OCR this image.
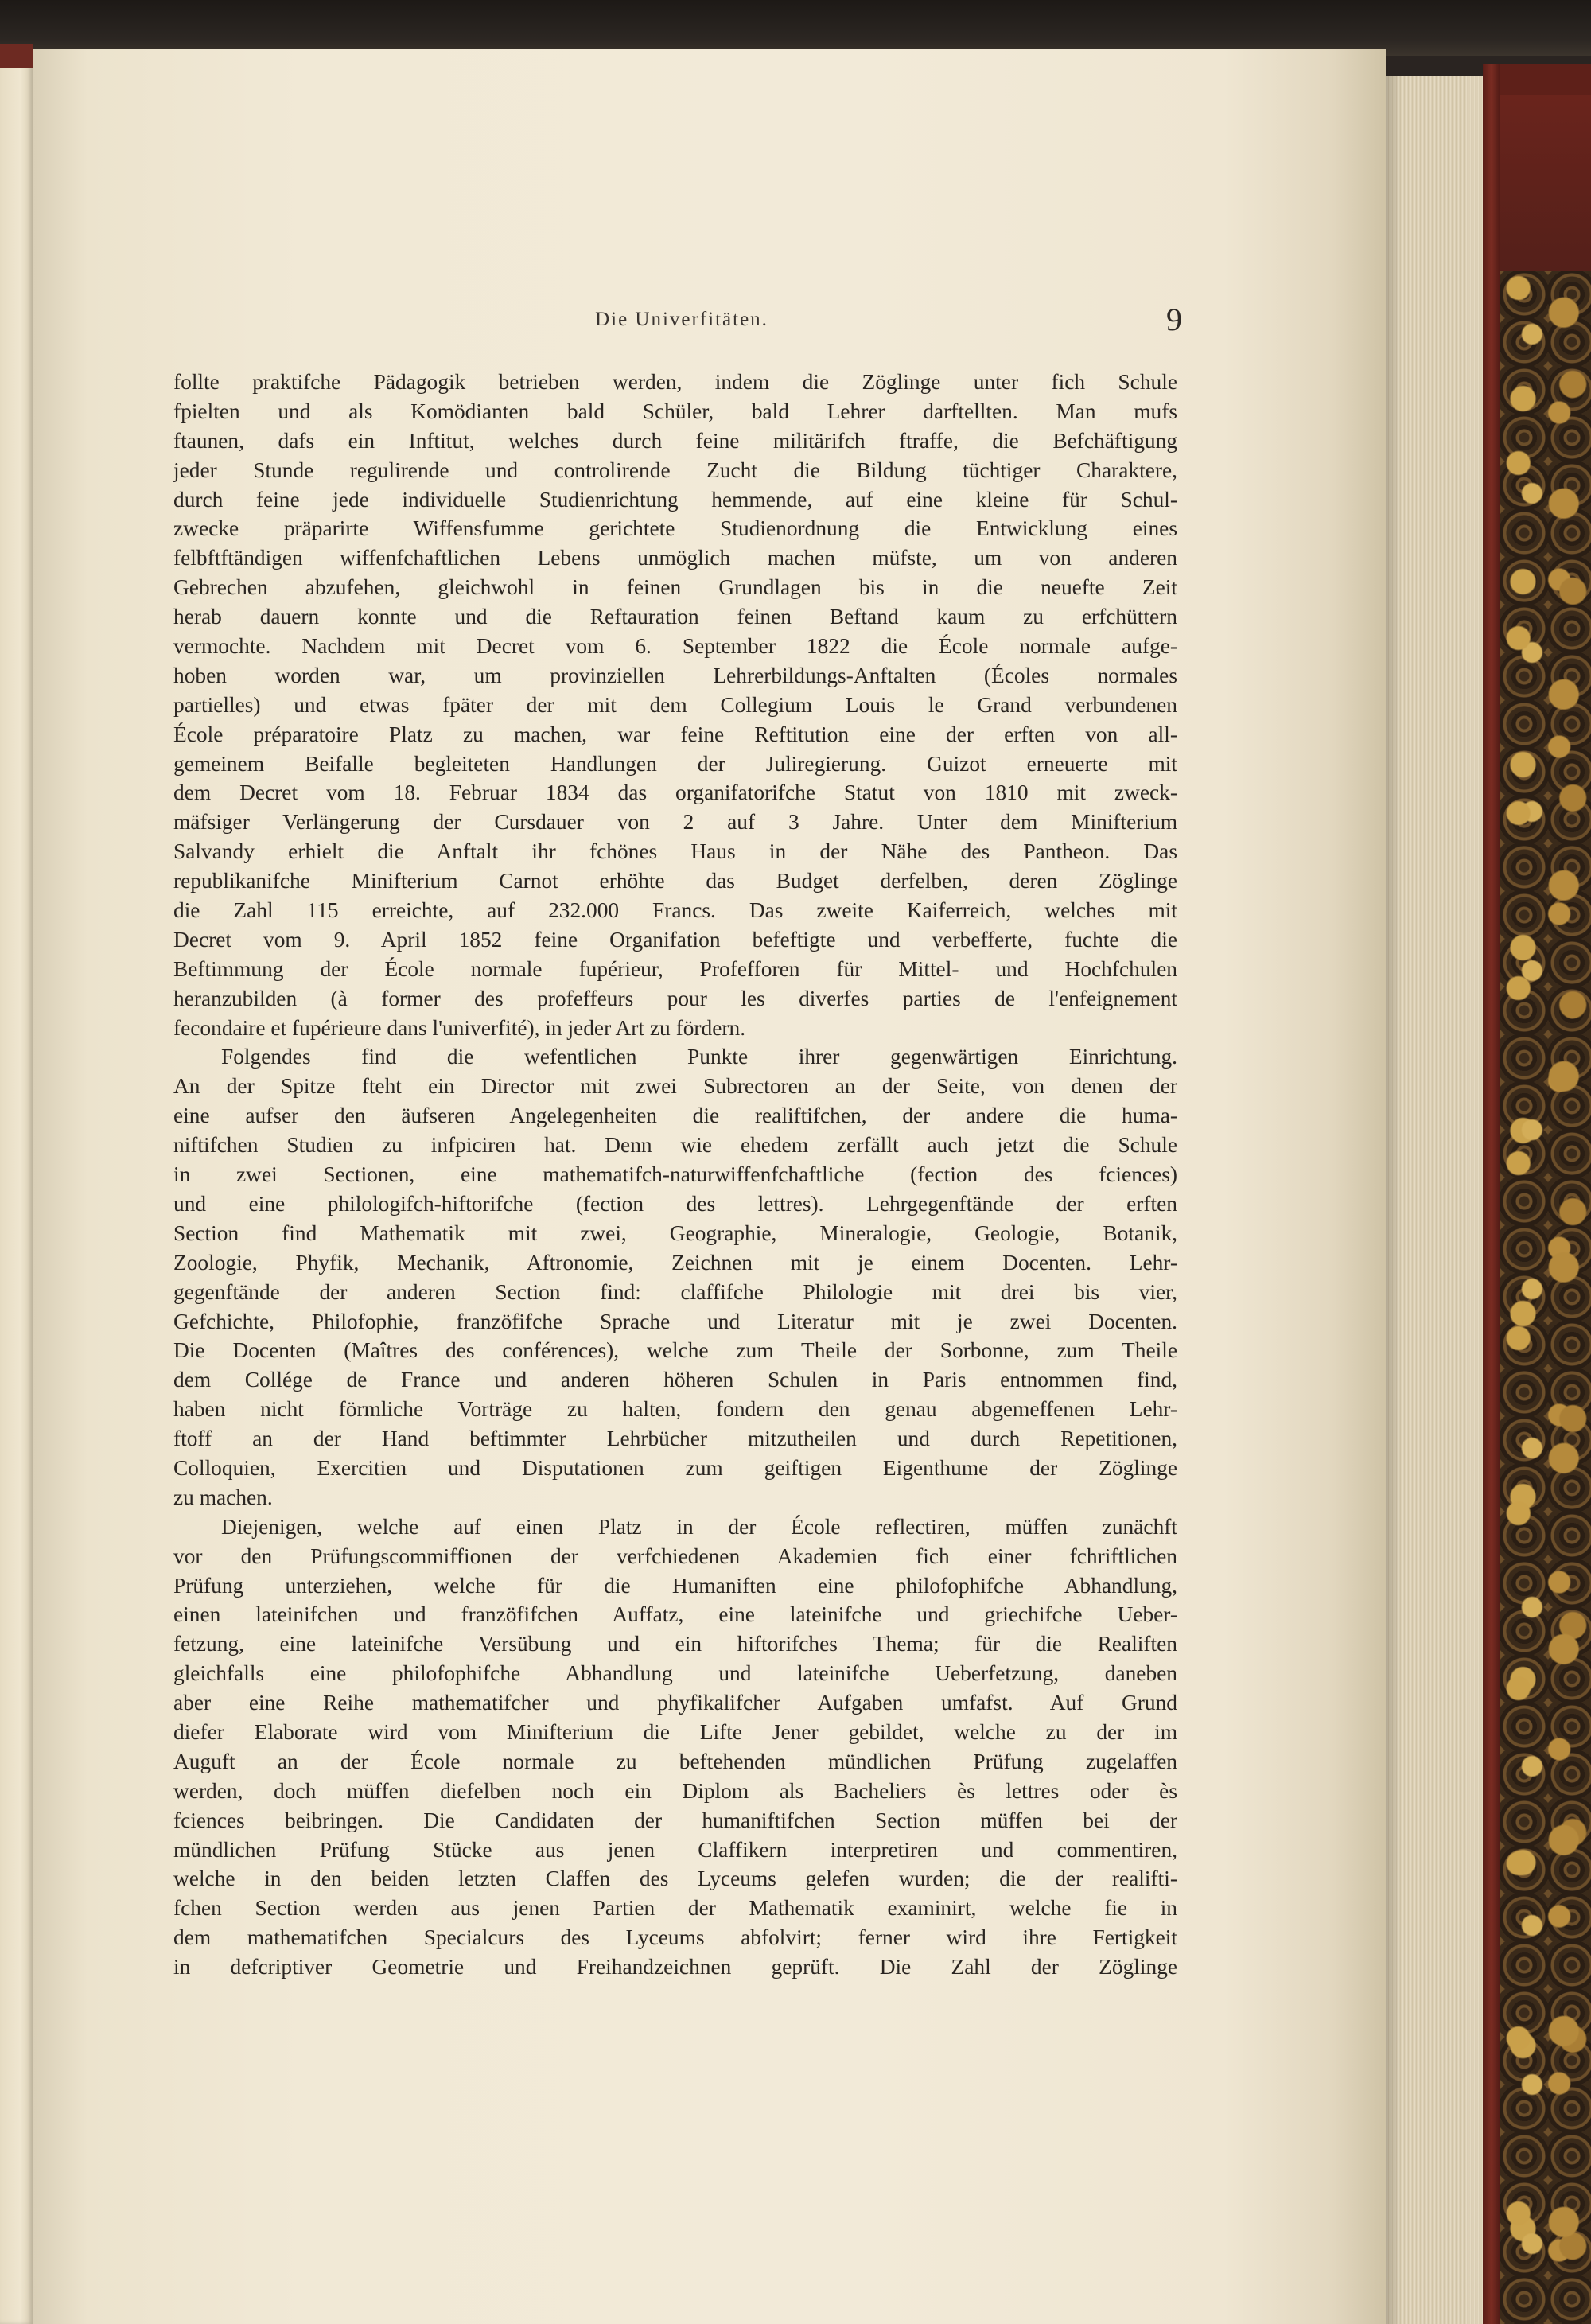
Die Univerfitäten.	9
follte praktifche Pädagogik betrieben werden, indem die Zöglinge unter fich Schule
fpielten und als Komödianten bald Schüler, bald Lehrer darftellten. Man mufs
ftaunen, dafs ein Inftitut, welches durch feine militärifch ftraffe, die Befchäftigung
jeder Stunde regulirende und controlirende Zucht die Bildung tüchtiger Charaktere,
durch feine jede individuelle Studienrichtung hemmende, auf eine kleine für Schul-
zwecke präparirte Wiffensfumme gerichtete Studienordnung die Entwicklung eines
felbftftändigen wiffenfchaftlichen Lebens unmöglich machen müfste, um von anderen
Gebrechen abzufehen, gleichwohl in feinen Grundlagen bis in die neuefte Zeit
herab dauern konnte und die Reftauration feinen Beftand kaum zu erfchüttern
vermochte. Nachdem mit Decret vom 6. September 1822 die École normale aufge-
hoben worden war, um provinziellen Lehrerbildungs-Anftalten (Écoles normales
partielles) und etwas fpäter der mit dem Collegium Louis le Grand verbundenen
École préparatoire Platz zu machen, war feine Reftitution eine der erften von all-
gemeinem Beifalle begleiteten Handlungen der Juliregierung. Guizot erneuerte mit
dem Decret vom 18. Februar 1834 das organifatorifche Statut von 1810 mit zweck-
mäfsiger Verlängerung der Cursdauer von 2 auf 3 Jahre. Unter dem Minifterium
Salvandy erhielt die Anftalt ihr fchönes Haus in der Nähe des Pantheon. Das
republikanifche Minifterium Carnot erhöhte das Budget derfelben, deren Zöglinge
die Zahl 115 erreichte, auf 232.000 Francs. Das zweite Kaiferreich, welches mit
Decret vom 9. April 1852 feine Organifation befeftigte und verbefferte, fuchte die
Beftimmung der École normale fupérieur, Profefforen für Mittel- und Hochfchulen
heranzubilden (à former des profeffeurs pour les diverfes parties de l'enfeignement
fecondaire et fupérieure dans l'univerfité), in jeder Art zu fördern.
Folgendes find die wefentlichen Punkte ihrer gegenwärtigen Einrichtung.
An der Spitze fteht ein Director mit zwei Subrectoren an der Seite, von denen der
eine aufser den äufseren Angelegenheiten die realiftifchen, der andere die huma-
niftifchen Studien zu infpiciren hat. Denn wie ehedem zerfällt auch jetzt die Schule
in zwei Sectionen, eine mathematifch-naturwiffenfchaftliche (fection des fciences)
und eine philologifch-hiftorifche (fection des lettres). Lehrgegenftände der erften
Section find Mathematik mit zwei, Geographie, Mineralogie, Geologie, Botanik,
Zoologie, Phyfik, Mechanik, Aftronomie, Zeichnen mit je einem Docenten. Lehr-
gegenftände der anderen Section find: claffifche Philologie mit drei bis vier,
Gefchichte, Philofophie, franzöfifche Sprache und Literatur mit je zwei Docenten.
Die Docenten (Maîtres des conférences), welche zum Theile der Sorbonne, zum Theile
dem Collége de France und anderen höheren Schulen in Paris entnommen find,
haben nicht förmliche Vorträge zu halten, fondern den genau abgemeffenen Lehr-
ftoff an der Hand beftimmter Lehrbücher mitzutheilen und durch Repetitionen,
Colloquien, Exercitien und Disputationen zum geiftigen Eigenthume der Zöglinge
zu machen.
Diejenigen, welche auf einen Platz in der École reflectiren, müffen zunächft
vor den Prüfungscommiffionen der verfchiedenen Akademien fich einer fchriftlichen
Prüfung unterziehen, welche für die Humaniften eine philofophifche Abhandlung,
einen lateinifchen und franzöfifchen Auffatz, eine lateinifche und griechifche Ueber-
fetzung, eine lateinifche Versübung und ein hiftorifches Thema; für die Realiften
gleichfalls eine philofophifche Abhandlung und lateinifche Ueberfetzung, daneben
aber eine Reihe mathematifcher und phyfikalifcher Aufgaben umfafst. Auf Grund
diefer Elaborate wird vom Minifterium die Lifte Jener gebildet, welche zu der im
Auguft an der École normale zu beftehenden mündlichen Prüfung zugelaffen
werden, doch müffen diefelben noch ein Diplom als Bacheliers ès lettres oder ès
fciences beibringen. Die Candidaten der humaniftifchen Section müffen bei der
mündlichen Prüfung Stücke aus jenen Claffikern interpretiren und commentiren,
welche in den beiden letzten Claffen des Lyceums gelefen wurden; die der realifti-
fchen Section werden aus jenen Partien der Mathematik examinirt, welche fie in
dem mathematifchen Specialcurs des Lyceums abfolvirt; ferner wird ihre Fertigkeit
in defcriptiver Geometrie und Freihandzeichnen geprüft. Die Zahl der Zöglinge
